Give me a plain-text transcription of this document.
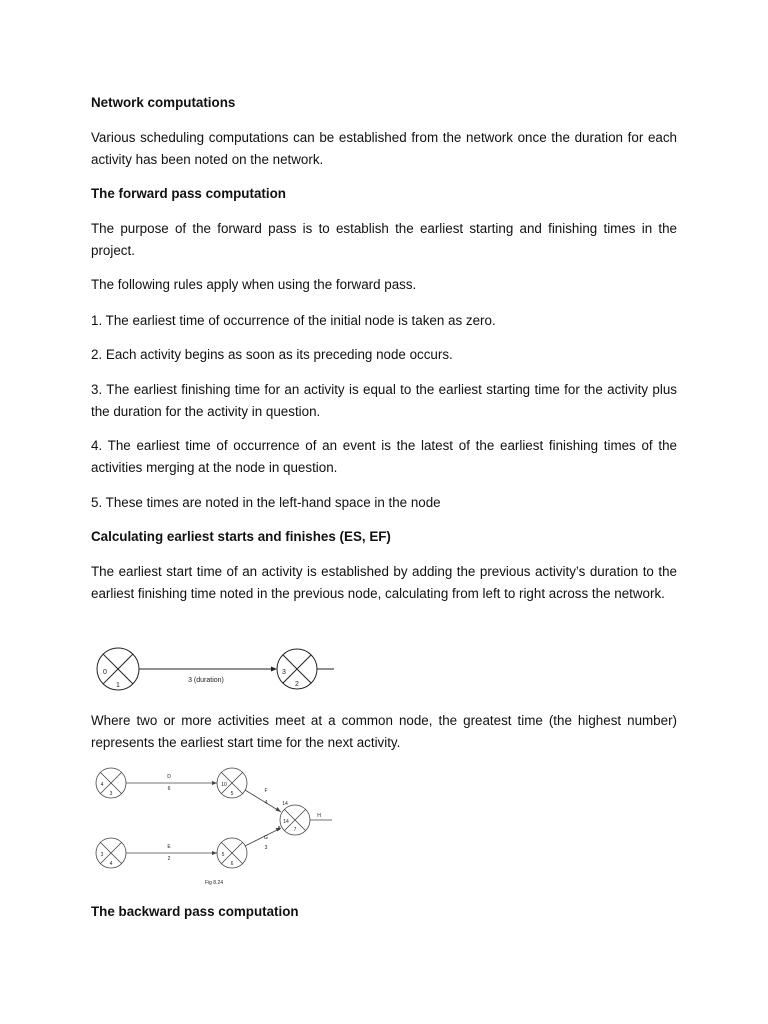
Network computations

Various scheduling computations can be established from the network once the duration for each activity has been noted on the network.

The forward pass computation

The purpose of the forward pass is to establish the earliest starting and finishing times in the project.

The following rules apply when using the forward pass.

1. The earliest time of occurrence of the initial node is taken as zero.

2. Each activity begins as soon as its preceding node occurs.

3. The earliest finishing time for an activity is equal to the earliest starting time for the activity plus the duration for the activity in question.

4. The earliest time of occurrence of an event is the latest of the earliest finishing times of the activities merging at the node in question.

5. These times are noted in the left-hand space in the node

Calculating earliest starts and finishes (ES, EF)

The earliest start time of an activity is established by adding the previous activity’s duration to the earliest finishing time noted in the previous node, calculating from left to right across the network.

0
1
3 (duration)
3
2

Where two or more activities meet at a common node, the greatest time (the highest number) represents the earliest start time for the next activity.

4
3
10
5
3
4
5
6
14
7
D
6
E
2
F
4
G
3
H
14
8
Fig 8.24

The backward pass computation
